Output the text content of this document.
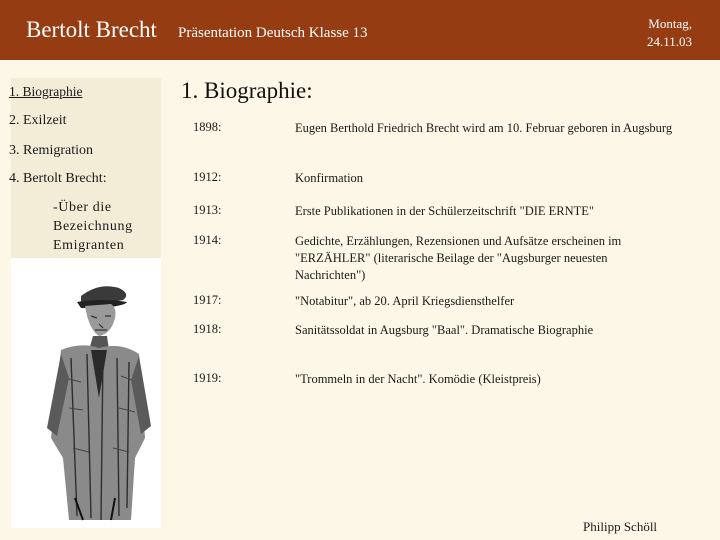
Bertolt Brecht Präsentation Deutsch Klasse 13
Montag,
24.11.03
1. Biographie
2. Exilzeit
3. Remigration
4. Bertolt Brecht:
-Über die Bezeichnung Emigranten
1. Biographie:
1898:	Eugen Berthold Friedrich Brecht wird am 10. Februar geboren in Augsburg
1912:	Konfirmation
1913:	Erste Publikationen in der Schülerzeitschrift "DIE ERNTE"
1914:	Gedichte, Erzählungen, Rezensionen und Aufsätze erscheinen im "ERZÄHLER" (literarische Beilage der "Augsburger neuesten Nachrichten")
1917:	"Notabitur", ab 20. April Kriegsdiensthelfer
1918:	Sanitätssoldat in Augsburg "Baal". Dramatische Biographie
1919:	"Trommeln in der Nacht". Komödie (Kleistpreis)
Philipp Schöll
